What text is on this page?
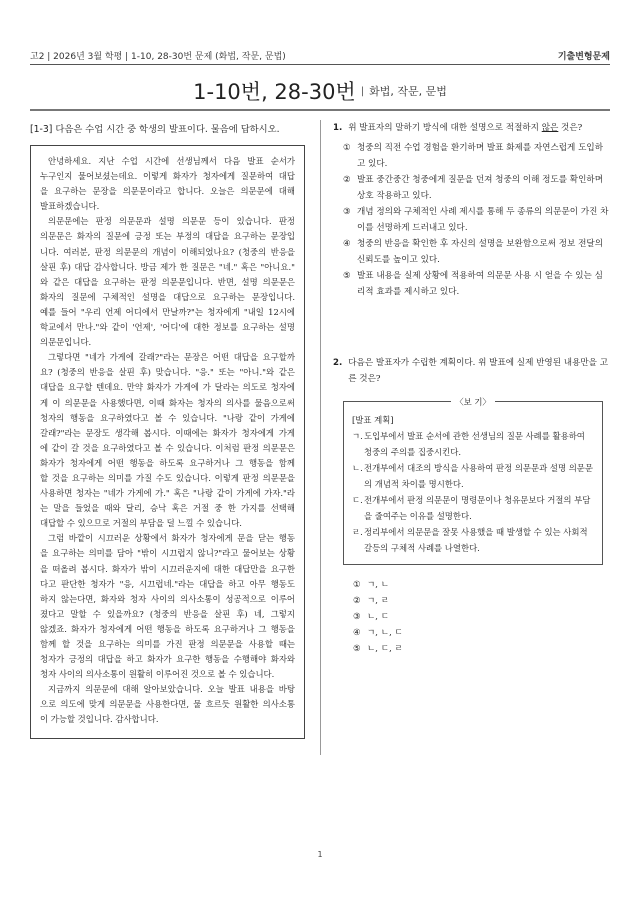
고2 | 2026년 3월 학평 | 1-10, 28-30번 문제 (화법, 작문, 문법)	기출변형문제
1-10번, 28-30번 | 화법, 작문, 문법
[1-3] 다음은 수업 시간 중 학생의 발표이다. 물음에 답하시오.
안녕하세요. 지난 수업 시간에 선생님께서 다음 발표 순서가
누구인지 물어보셨는데요. 이렇게 화자가 청자에게 질문하여 대답
을 요구하는 문장을 의문문이라고 합니다. 오늘은 의문문에 대해
발표하겠습니다.
의문문에는 판정 의문문과 설명 의문문 등이 있습니다. 판정
의문문은 화자의 질문에 긍정 또는 부정의 대답을 요구하는 문장입
니다. 여러분, 판정 의문문의 개념이 이해되었나요? (청중의 반응을
살핀 후) 대답 감사합니다. 방금 제가 한 질문은 "네." 혹은 "아니요."
와 같은 대답을 요구하는 판정 의문문입니다. 반면, 설명 의문문은
화자의 질문에 구체적인 설명을 대답으로 요구하는 문장입니다.
예를 들어 "우리 언제 어디에서 만날까?"는 청자에게 "내일 12시에
학교에서 만나."와 같이 '언제', '어디'에 대한 정보를 요구하는 설명
의문문입니다.
그렇다면 "네가 가게에 갈래?"라는 문장은 어떤 대답을 요구할까
요? (청중의 반응을 살핀 후) 맞습니다. "응." 또는 "아니."와 같은
대답을 요구할 텐데요. 만약 화자가 가게에 가 달라는 의도로 청자에
게 이 의문문을 사용했다면, 이때 화자는 청자의 의사를 물음으로써
청자의 행동을 요구하였다고 볼 수 있습니다. "나랑 같이 가게에
갈래?"라는 문장도 생각해 봅시다. 이때에는 화자가 청자에게 가게
에 같이 갈 것을 요구하였다고 볼 수 있습니다. 이처럼 판정 의문문은
화자가 청자에게 어떤 행동을 하도록 요구하거나 그 행동을 함께
할 것을 요구하는 의미를 가질 수도 있습니다. 이렇게 판정 의문문을
사용하면 청자는 "네가 가게에 가." 혹은 "나랑 같이 가게에 가자."라
는 말을 들었을 때와 달리, 승낙 혹은 거절 중 한 가지를 선택해
대답할 수 있으므로 거절의 부담을 덜 느낄 수 있습니다.
그럼 바깥이 시끄러운 상황에서 화자가 청자에게 문을 닫는 행동
을 요구하는 의미를 담아 "밖이 시끄럽지 않니?"라고 물어보는 상황
을 떠올려 봅시다. 화자가 밖이 시끄러운지에 대한 대답만을 요구한
다고 판단한 청자가 "응, 시끄럽네."라는 대답을 하고 아무 행동도
하지 않는다면, 화자와 청자 사이의 의사소통이 성공적으로 이루어
졌다고 말할 수 있을까요? (청중의 반응을 살핀 후) 네, 그렇지
않겠죠. 화자가 청자에게 어떤 행동을 하도록 요구하거나 그 행동을
함께 할 것을 요구하는 의미를 가진 판정 의문문을 사용할 때는
청자가 긍정의 대답을 하고 화자가 요구한 행동을 수행해야 화자와
청자 사이의 의사소통이 원활히 이루어진 것으로 볼 수 있습니다.
지금까지 의문문에 대해 알아보았습니다. 오늘 발표 내용을 바탕
으로 의도에 맞게 의문문을 사용한다면, 물 흐르듯 원활한 의사소통
이 가능할 것입니다. 감사합니다.
1. 위 발표자의 말하기 방식에 대한 설명으로 적절하지 않은 것은?
① 청중의 직전 수업 경험을 환기하며 발표 화제를 자연스럽게 도입하고 있다.
② 발표 중간중간 청중에게 질문을 던져 청중의 이해 정도를 확인하며 상호 작용하고 있다.
③ 개념 정의와 구체적인 사례 제시를 통해 두 종류의 의문문이 가진 차이를 선명하게 드러내고 있다.
④ 청중의 반응을 확인한 후 자신의 설명을 보완함으로써 정보 전달의 신뢰도를 높이고 있다.
⑤ 발표 내용을 실제 상황에 적용하여 의문문 사용 시 얻을 수 있는 심리적 효과를 제시하고 있다.
2. 다음은 발표자가 수립한 계획이다. 위 발표에 실제 반영된 내용만을 고른 것은?
〈보 기〉
[발표 계획]
ㄱ. 도입부에서 발표 순서에 관한 선생님의 질문 사례를 활용하여 청중의 주의를 집중시킨다.
ㄴ. 전개부에서 대조의 방식을 사용하여 판정 의문문과 설명 의문문의 개념적 차이를 명시한다.
ㄷ. 전개부에서 판정 의문문이 명령문이나 청유문보다 거절의 부담을 줄여주는 이유를 설명한다.
ㄹ. 정리부에서 의문문을 잘못 사용했을 때 발생할 수 있는 사회적 갈등의 구체적 사례를 나열한다.
① ㄱ, ㄴ
② ㄱ, ㄹ
③ ㄴ, ㄷ
④ ㄱ, ㄴ, ㄷ
⑤ ㄴ, ㄷ, ㄹ
1
